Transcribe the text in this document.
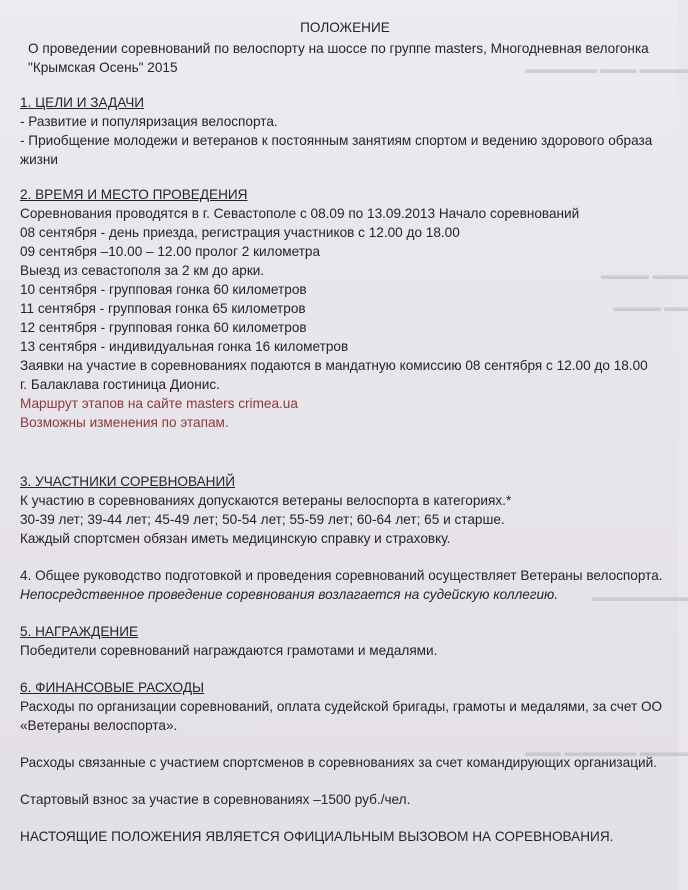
▬▬▬▬ ▬▬▬ ▬▬▬▬▬▬
▬▬▬ ▬▬▬▬
▬▬ ▬▬▬▬
▬▬▬▬▬▬▬▬
▬▬▬▬ ▬▬▬▬▬▬ ▬▬▬

ПОЛОЖЕНИЕ

О проведении соревнований по велоспорту на шоссе по группе masters, Многодневная велогонка "Крымская Осень" 2015

1. ЦЕЛИ И ЗАДАЧИ

- Развитие и популяризация велоспорта.

- Приобщение молодежи и ветеранов к постоянным занятиям спортом и ведению здорового образа жизни

2. ВРЕМЯ И МЕСТО ПРОВЕДЕНИЯ

Соревнования проводятся в г. Севастополе с 08.09 по 13.09.2013 Начало соревнований

08 сентября - день приезда, регистрация участников с 12.00 до 18.00

09 сентября –10.00 – 12.00 пролог 2 километра

Выезд из севастополя за 2 км до арки.

10 сентября - групповая гонка 60 километров

11 сентября - групповая гонка 65 километров

12 сентября - групповая гонка 60 километров

13 сентября - индивидуальная гонка 16 километров

Заявки на участие в соревнованиях подаются в мандатную комиссию 08 сентября с 12.00 до 18.00

г. Балаклава гостиница Дионис.

Маршрут этапов на сайте masters crimea.ua

Возможны изменения по этапам.

3. УЧАСТНИКИ СОРЕВНОВАНИЙ

К участию в соревнованиях допускаются ветераны велоспорта в категориях.*

30-39 лет; 39-44 лет; 45-49 лет; 50-54 лет; 55-59 лет; 60-64 лет; 65 и старше.

Каждый спортсмен обязан иметь медицинскую справку и страховку.

4. Общее руководство подготовкой и проведения соревнований осуществляет Ветераны велоспорта.

Непосредственное проведение соревнования возлагается на судейскую коллегию.

5. НАГРАЖДЕНИЕ

Победители соревнований награждаются грамотами и медалями.

6. ФИНАНСОВЫЕ РАСХОДЫ

Расходы по организации соревнований, оплата судейской бригады, грамоты и медалями, за счет ОО «Ветераны велоспорта».

Расходы связанные с участием спортсменов в соревнованиях за счет командирующих организаций.

Стартовый взнос за участие в соревнованиях –1500 руб./чел.

НАСТОЯЩИЕ ПОЛОЖЕНИЯ ЯВЛЯЕТСЯ ОФИЦИАЛЬНЫМ ВЫЗОВОМ НА СОРЕВНОВАНИЯ.
